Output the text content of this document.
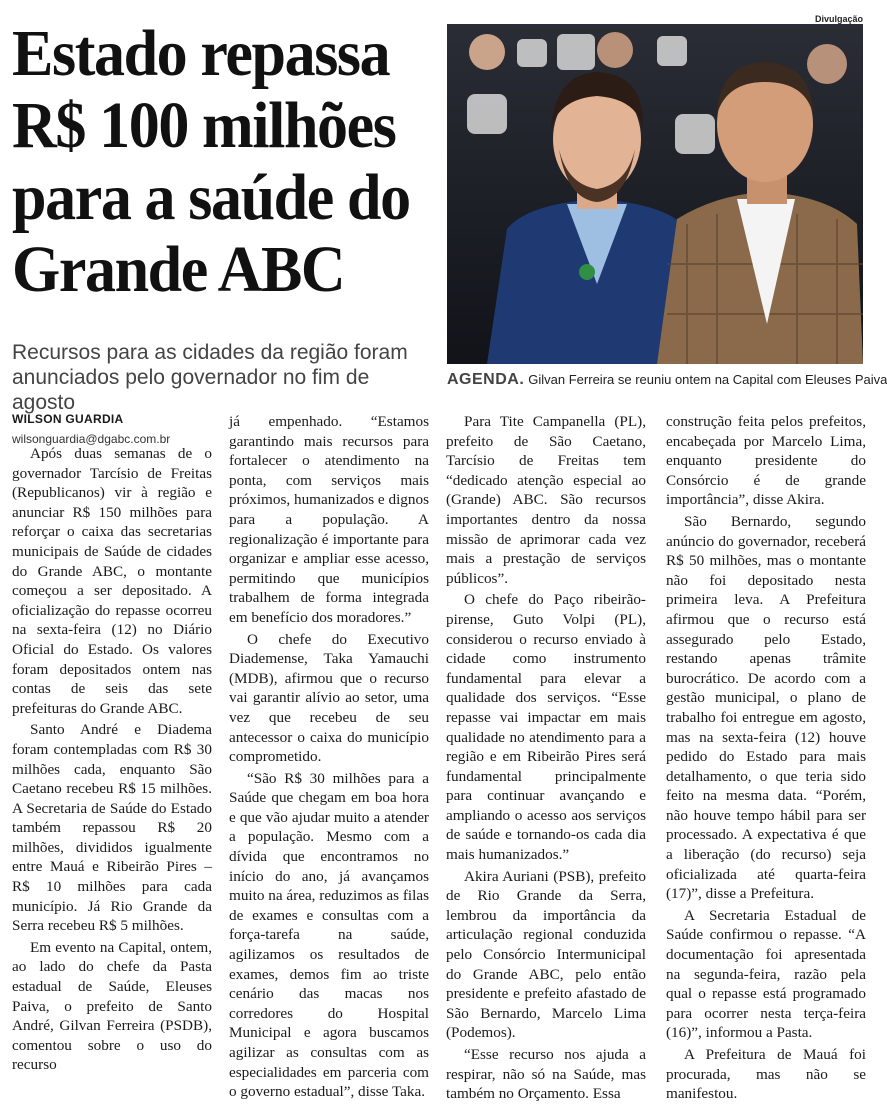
Divulgação
Estado repassa R$ 100 milhões para a saúde do Grande ABC
Recursos para as cidades da região foram anunciados pelo governador no fim de agosto
AGENDA. Gilvan Ferreira se reuniu ontem na Capital com Eleuses Paiva
WILSON GUARDIA
wilsonguardia@dgabc.com.br

Após duas semanas de o governador Tarcísio de Freitas (Republicanos) vir à região e anunciar R$ 150 milhões para reforçar o caixa das secretarias municipais de Saúde de cidades do Grande ABC, o montante começou a ser depositado. A oficialização do repasse ocorreu na sexta-feira (12) no Diário Oficial do Estado. Os valores foram depositados ontem nas contas de seis das sete prefeituras do Grande ABC.

Santo André e Diadema foram contempladas com R$ 30 milhões cada, enquanto São Caetano recebeu R$ 15 milhões. A Secretaria de Saúde do Estado também repassou R$ 20 milhões, divididos igualmente entre Mauá e Ribeirão Pires – R$ 10 milhões para cada município. Já Rio Grande da Serra recebeu R$ 5 milhões.

Em evento na Capital, ontem, ao lado do chefe da Pasta estadual de Saúde, Eleuses Paiva, o prefeito de Santo André, Gilvan Ferreira (PSDB), comentou sobre o uso do recurso

já empenhado. “Estamos garantindo mais recursos para fortalecer o atendimento na ponta, com serviços mais próximos, humanizados e dignos para a população. A regionalização é importante para organizar e ampliar esse acesso, permitindo que municípios trabalhem de forma integrada em benefício dos moradores.”

O chefe do Executivo Diademense, Taka Yamauchi (MDB), afirmou que o recurso vai garantir alívio ao setor, uma vez que recebeu de seu antecessor o caixa do município comprometido.

“São R$ 30 milhões para a Saúde que chegam em boa hora e que vão ajudar muito a atender a população. Mesmo com a dívida que encontramos no início do ano, já avançamos muito na área, reduzimos as filas de exames e consultas com a força-tarefa na saúde, agilizamos os resultados de exames, demos fim ao triste cenário das macas nos corredores do Hospital Municipal e agora buscamos agilizar as consultas com as especialidades em parceria com o governo estadual”, disse Taka.

Para Tite Campanella (PL), prefeito de São Caetano, Tarcísio de Freitas tem “dedicado atenção especial ao (Grande) ABC. São recursos importantes dentro da nossa missão de aprimorar cada vez mais a prestação de serviços públicos”.

O chefe do Paço ribeirão-pirense, Guto Volpi (PL), considerou o recurso enviado à cidade como instrumento fundamental para elevar a qualidade dos serviços. “Esse repasse vai impactar em mais qualidade no atendimento para a região e em Ribeirão Pires será fundamental principalmente para continuar avançando e ampliando o acesso aos serviços de saúde e tornando-os cada dia mais humanizados.”

Akira Auriani (PSB), prefeito de Rio Grande da Serra, lembrou da importância da articulação regional conduzida pelo Consórcio Intermunicipal do Grande ABC, pelo então presidente e prefeito afastado de São Bernardo, Marcelo Lima (Podemos).

“Esse recurso nos ajuda a respirar, não só na Saúde, mas também no Orçamento. Essa

construção feita pelos prefeitos, encabeçada por Marcelo Lima, enquanto presidente do Consórcio é de grande importância”, disse Akira.

São Bernardo, segundo anúncio do governador, receberá R$ 50 milhões, mas o montante não foi depositado nesta primeira leva. A Prefeitura afirmou que o recurso está assegurado pelo Estado, restando apenas trâmite burocrático. De acordo com a gestão municipal, o plano de trabalho foi entregue em agosto, mas na sexta-feira (12) houve pedido do Estado para mais detalhamento, o que teria sido feito na mesma data. “Porém, não houve tempo hábil para ser processado. A expectativa é que a liberação (do recurso) seja oficializada até quarta-feira (17)”, disse a Prefeitura.

A Secretaria Estadual de Saúde confirmou o repasse. “A documentação foi apresentada na segunda-feira, razão pela qual o repasse está programado para ocorrer nesta terça-feira (16)”, informou a Pasta.

A Prefeitura de Mauá foi procurada, mas não se manifestou.
